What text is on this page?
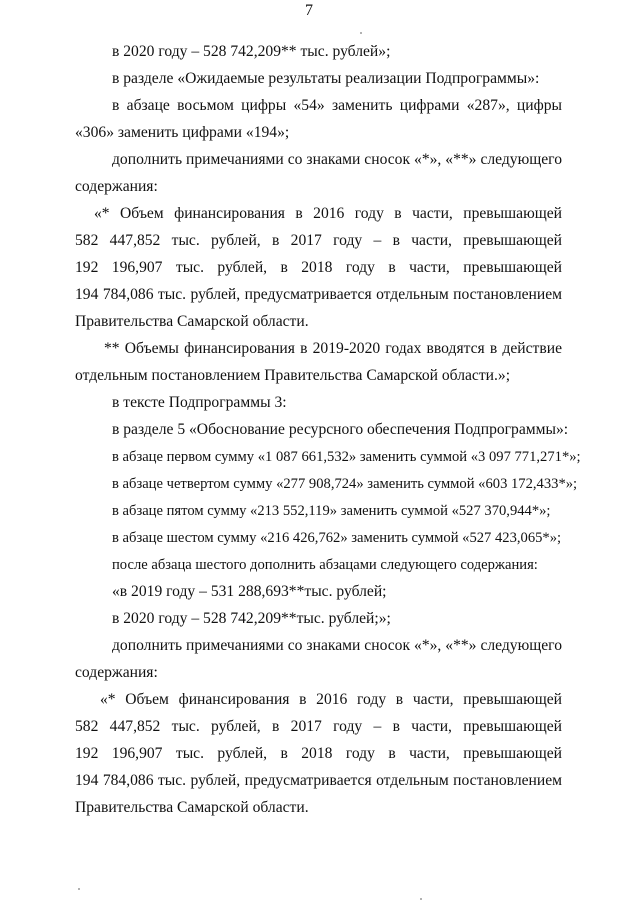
7
в 2020 году – 528 742,209** тыс. рублей»;
в разделе «Ожидаемые результаты реализации Подпрограммы»:
в абзаце восьмом цифры «54» заменить цифрами «287», цифры
«306» заменить цифрами «194»;
дополнить примечаниями со знаками сносок «*», «**» следующего
содержания:
«* Объем финансирования в 2016 году в части, превышающей
582 447,852 тыс. рублей, в 2017 году – в части, превышающей
192 196,907 тыс. рублей, в 2018 году в части, превышающей
194 784,086 тыс. рублей, предусматривается отдельным постановлением
Правительства Самарской области.
** Объемы финансирования в 2019-2020 годах вводятся в действие
отдельным постановлением Правительства Самарской области.»;
в тексте Подпрограммы 3:
в разделе 5 «Обоснование ресурсного обеспечения Подпрограммы»:
в абзаце первом сумму «1 087 661,532» заменить суммой «3 097 771,271*»;
в абзаце четвертом сумму «277 908,724» заменить суммой «603 172,433*»;
в абзаце пятом сумму «213 552,119» заменить суммой «527 370,944*»;
в абзаце шестом сумму «216 426,762» заменить суммой «527 423,065*»;
после абзаца шестого дополнить абзацами следующего содержания:
«в 2019 году – 531 288,693**тыс. рублей;
в 2020 году – 528 742,209**тыс. рублей;»;
дополнить примечаниями со знаками сносок «*», «**» следующего
содержания:
«* Объем финансирования в 2016 году в части, превышающей
582 447,852 тыс. рублей, в 2017 году – в части, превышающей
192 196,907 тыс. рублей, в 2018 году в части, превышающей
194 784,086 тыс. рублей, предусматривается отдельным постановлением
Правительства Самарской области.
